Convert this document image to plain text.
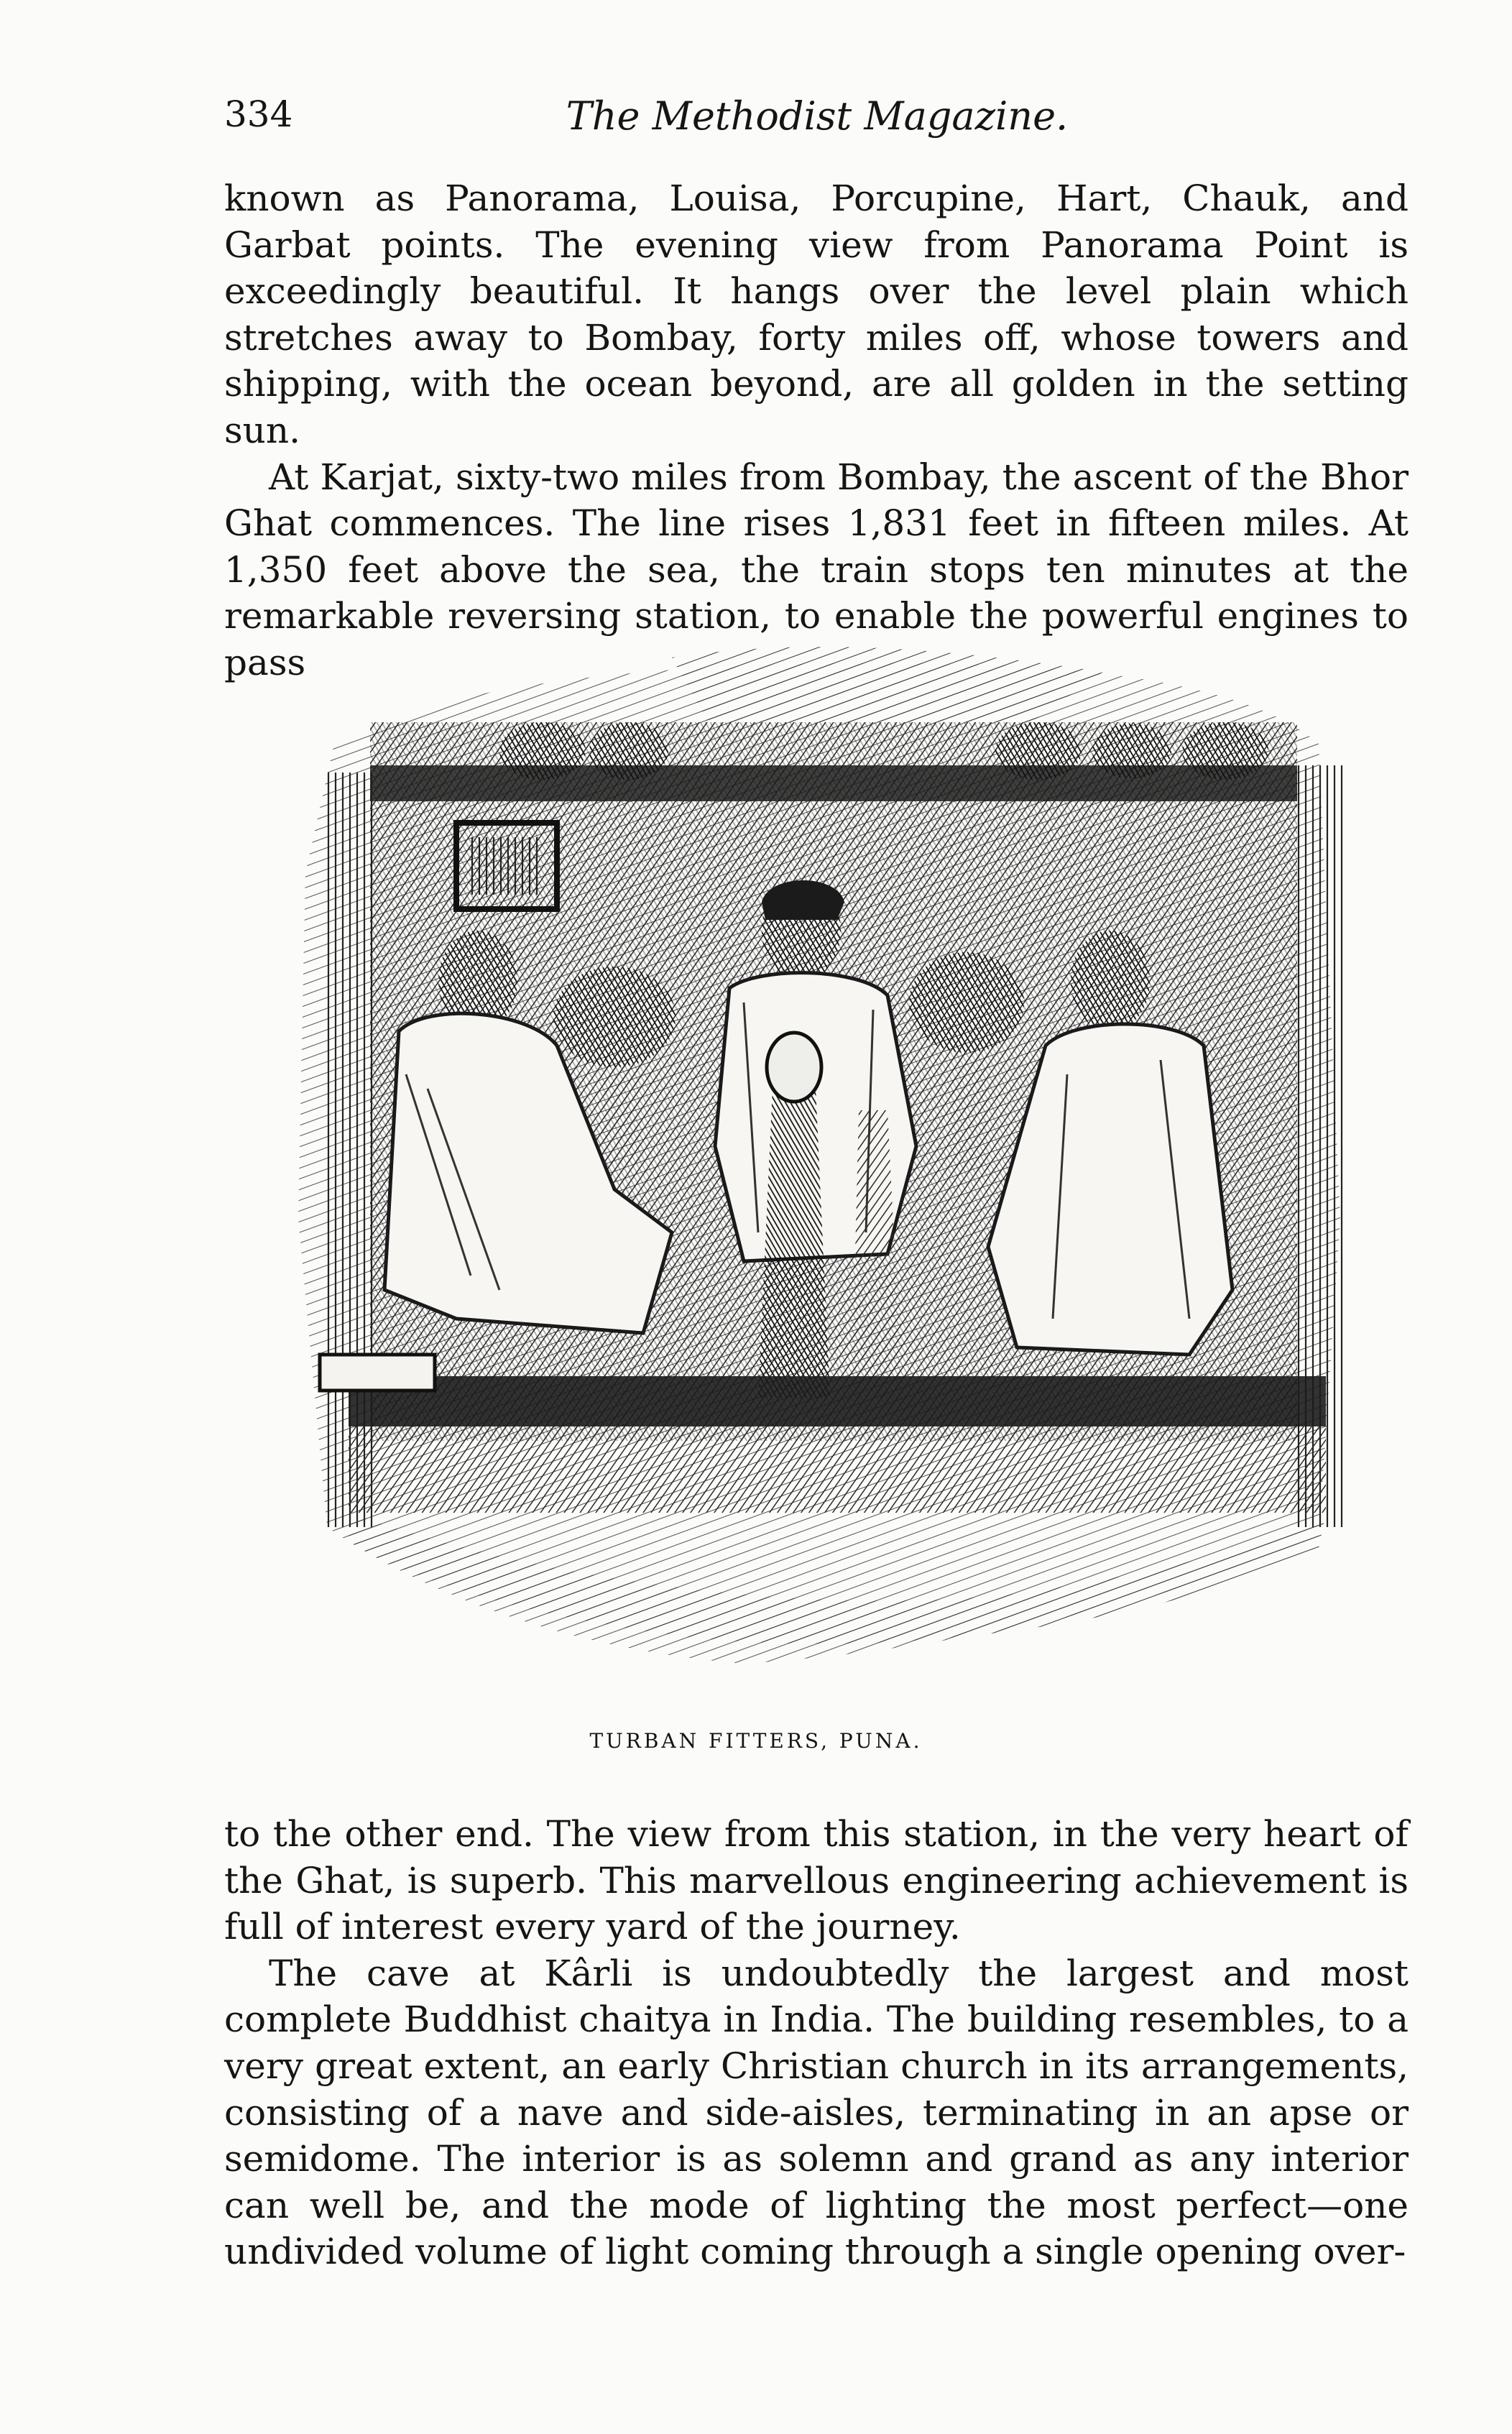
334	The Methodist Magazine.

known as Panorama, Louisa, Porcupine, Hart, Chauk, and Garbat points. The evening view from Panorama Point is exceedingly beautiful. It hangs over the level plain which stretches away to Bombay, forty miles off, whose towers and shipping, with the ocean beyond, are all golden in the setting sun.

At Karjat, sixty-two miles from Bombay, the ascent of the Bhor Ghat commences. The line rises 1,831 feet in fifteen miles. At 1,350 feet above the sea, the train stops ten minutes at the remarkable reversing station, to enable the powerful engines to pass

TURBAN FITTERS, PUNA.

to the other end. The view from this station, in the very heart of the Ghat, is superb. This marvellous engineering achievement is full of interest every yard of the journey.

The cave at Kârli is undoubtedly the largest and most complete Buddhist chaitya in India. The building resembles, to a very great extent, an early Christian church in its arrangements, consisting of a nave and side-aisles, terminating in an apse or semidome. The interior is as solemn and grand as any interior can well be, and the mode of lighting the most perfect—one undivided volume of light coming through a single opening over-
